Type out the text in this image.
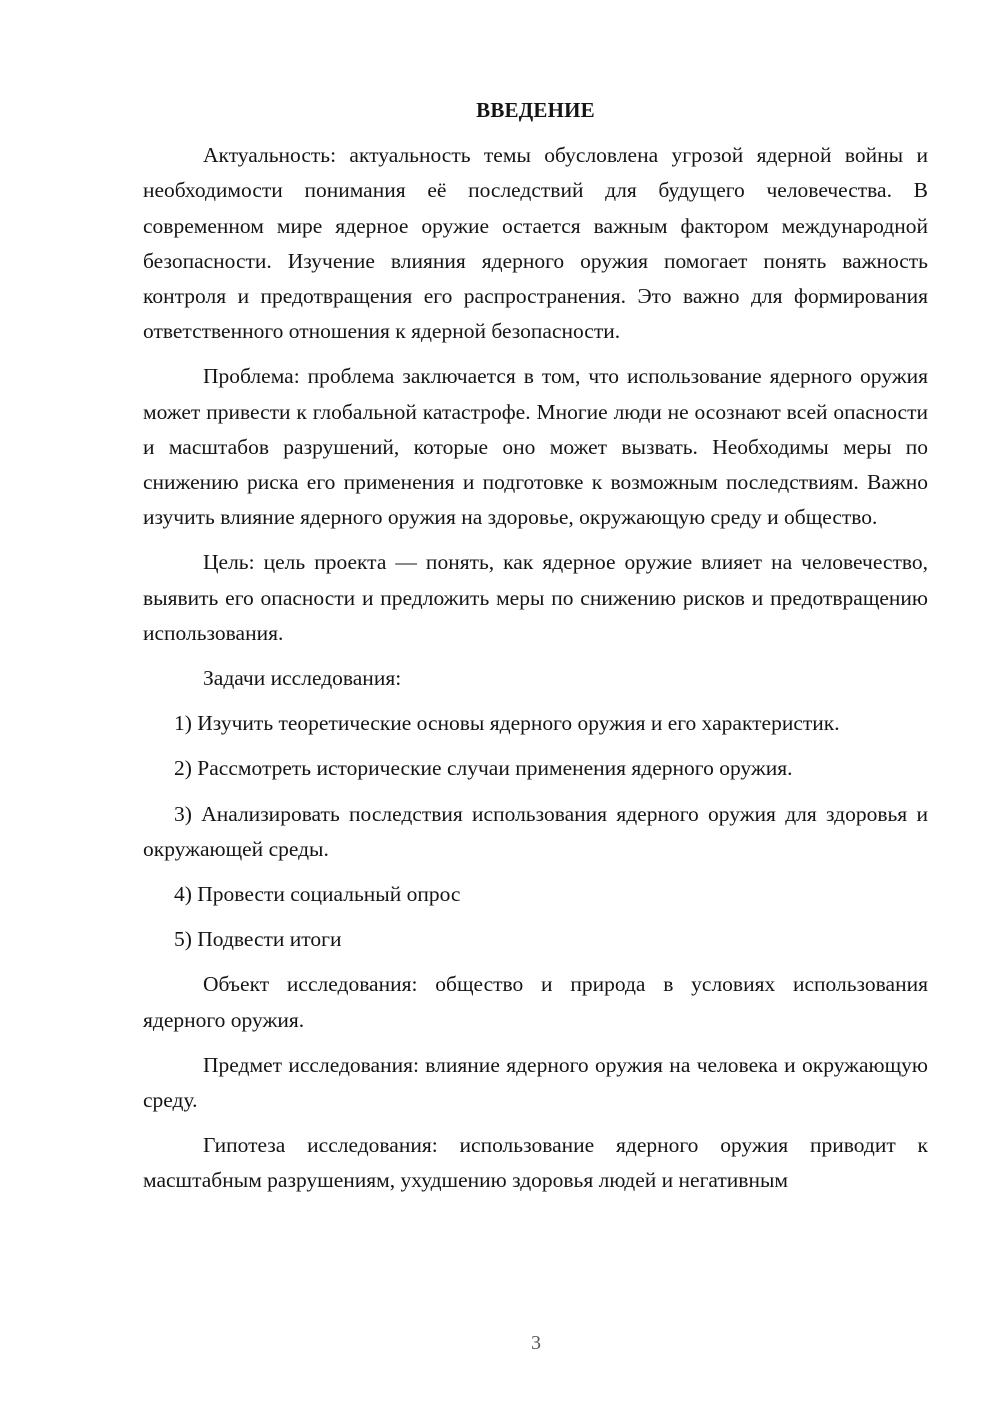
ВВЕДЕНИЕ

Актуальность: актуальность темы обусловлена угрозой ядерной войны и необходимости понимания её последствий для будущего человечества. В современном мире ядерное оружие остается важным фактором международной безопасности. Изучение влияния ядерного оружия помогает понять важность контроля и предотвращения его распространения. Это важно для формирования ответственного отношения к ядерной безопасности.

Проблема: проблема заключается в том, что использование ядерного оружия может привести к глобальной катастрофе. Многие люди не осознают всей опасности и масштабов разрушений, которые оно может вызвать. Необходимы меры по снижению риска его применения и подготовке к возможным последствиям. Важно изучить влияние ядерного оружия на здоровье, окружающую среду и общество.

Цель: цель проекта — понять, как ядерное оружие влияет на человечество, выявить его опасности и предложить меры по снижению рисков и предотвращению использования.

Задачи исследования:

1) Изучить теоретические основы ядерного оружия и его характеристик.

2) Рассмотреть исторические случаи применения ядерного оружия.

3) Анализировать последствия использования ядерного оружия для здоровья и окружающей среды.

4) Провести социальный опрос

5) Подвести итоги

Объект исследования: общество и природа в условиях использования ядерного оружия.

Предмет исследования: влияние ядерного оружия на человека и окружающую среду.

Гипотеза исследования: использование ядерного оружия приводит к масштабным разрушениям, ухудшению здоровья людей и негативным

3
